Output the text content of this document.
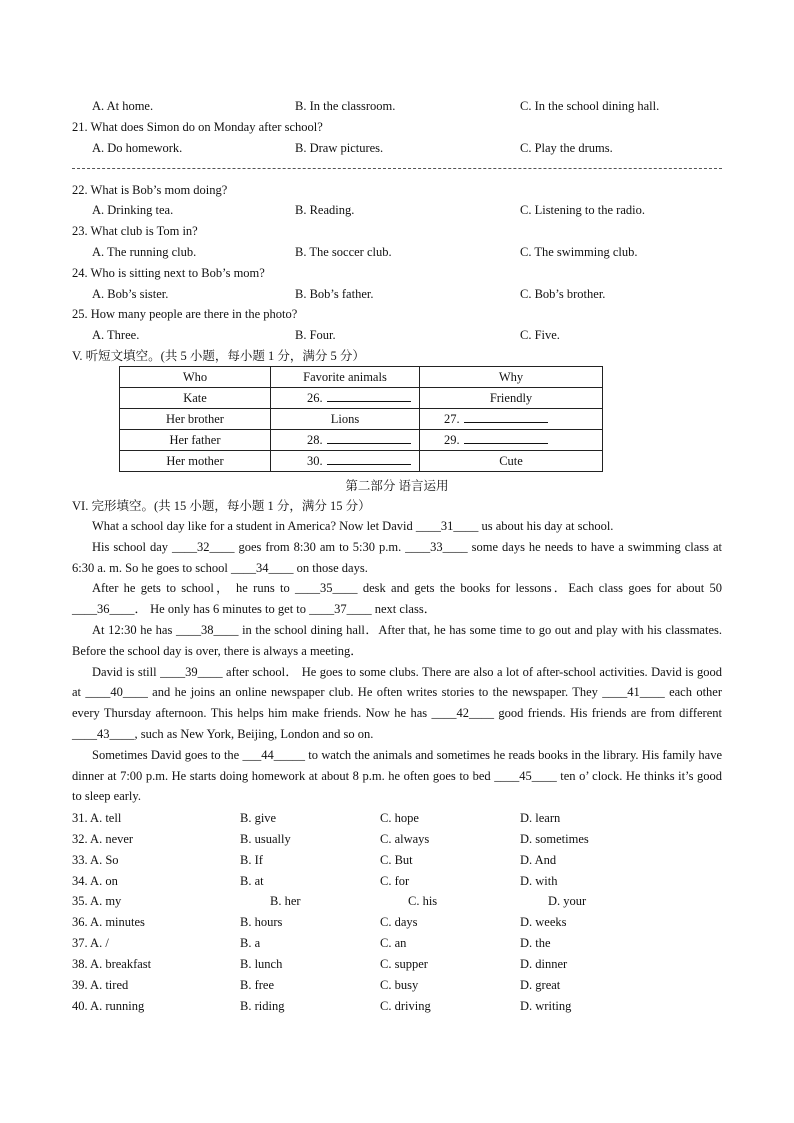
A. At home.	B. In the classroom.	C. In the school dining hall.
21. What does Simon do on Monday after school?
A. Do homework.	B. Draw pictures.	C. Play the drums.
22. What is Bob’s mom doing?
A. Drinking tea.	B. Reading.	C. Listening to the radio.
23. What club is Tom in?
A. The running club.	B. The soccer club.	C. The swimming club.
24. Who is sitting next to Bob’s mom?
A. Bob’s sister.	B. Bob’s father.	C. Bob’s brother.
25. How many people are there in the photo?
A. Three.	B. Four.	C. Five.
V. 听短文填空。(共 5 小题，每小题 1 分，满分 5 分）
Who	Favorite animals	Why
Kate	26.	Friendly
Her brother	Lions	27.
Her father	28.	29.
Her mother	30.	Cute
第二部分 语言运用
VI. 完形填空。(共 15 小题，每小题 1 分，满分 15 分）

What a school day like for a student in America? Now let David ____31____ us about his day at school.

His school day ____32____ goes from 8:30 am to 5:30 p.m. ____33____ some days he needs to have a swimming class at 6:30 a. m. So he goes to school ____34____ on those days.

After he gets to school， he runs to ____35____ desk and gets the books for lessons．Each class goes for about 50 ____36____． He only has 6 minutes to get to ____37____ next class．

At 12:30 he has ____38____ in the school dining hall．After that, he has some time to go out and play with his classmates. Before the school day is over, there is always a meeting．

David is still ____39____ after school． He goes to some clubs. There are also a lot of after-school activities. David is good at ____40____ and he joins an online newspaper club. He often writes stories to the newspaper. They ____41____ each other every Thursday afternoon. This helps him make friends. Now he has ____42____ good friends. His friends are from different ____43____, such as New York, Beijing, London and so on.

Sometimes David goes to the ___44_____ to watch the animals and sometimes he reads books in the library. His family have dinner at 7:00 p.m. He starts doing homework at about 8 p.m. he often goes to bed ____45____ ten o’ clock. He thinks it’s good to sleep early.

31. A. tell	B. give	C. hope	D. learn
32. A. never	B. usually	C. always	D. sometimes
33. A. So	B. If	C. But	D. And
34. A. on	B. at	C. for	D. with
35. A. my	B. her	C. his	D. your
36. A. minutes	B. hours	C. days	D. weeks
37. A. /	B. a	C. an	D. the
38. A. breakfast	B. lunch	C. supper	D. dinner
39. A. tired	B. free	C. busy	D. great
40. A. running	B. riding	C. driving	D. writing
